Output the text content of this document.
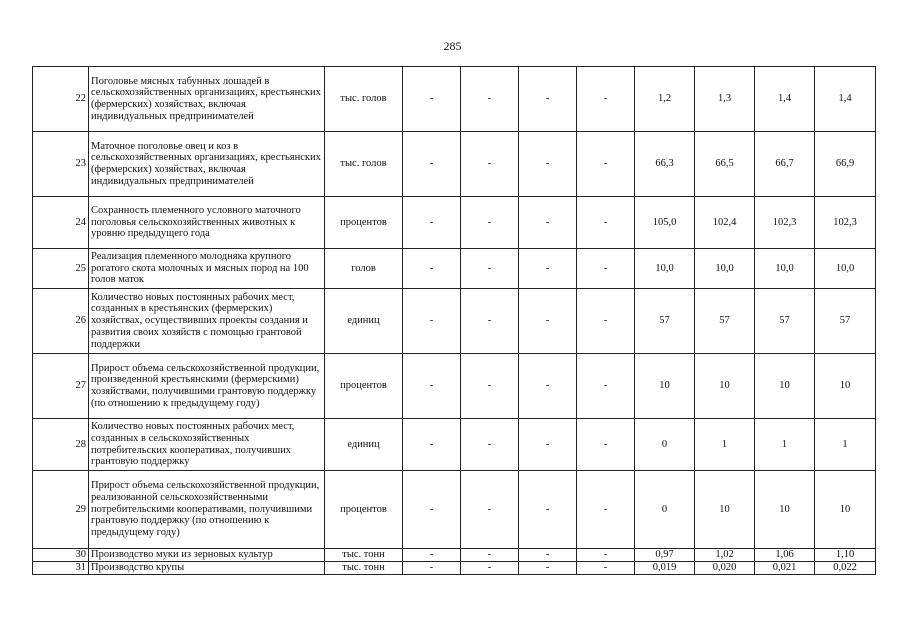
285
22	Поголовье мясных табунных лошадей в сельскохозяйственных организациях, крестьянских (фермерских) хозяйствах, включая индивидуальных предпринимателей	тыс. голов	-	-	-	-	1,2	1,3	1,4	1,4
23	Маточное поголовье овец и коз в сельскохозяйственных организациях, крестьянских (фермерских) хозяйствах, включая индивидуальных предпринимателей	тыс. голов	-	-	-	-	66,3	66,5	66,7	66,9
24	Сохранность племенного условного маточного поголовья сельскохозяйственных животных к уровню предыдущего года	процентов	-	-	-	-	105,0	102,4	102,3	102,3
25	Реализация племенного молодняка крупного рогатого скота молочных и мясных пород на 100 голов маток	голов	-	-	-	-	10,0	10,0	10,0	10,0
26	Количество новых постоянных рабочих мест, созданных в крестьянских (фермерских) хозяйствах, осуществивших проекты создания и развития своих хозяйств с помощью грантовой поддержки	единиц	-	-	-	-	57	57	57	57
27	Прирост объема сельскохозяйственной продукции, произведенной крестьянскими (фермерскими) хозяйствами, получившими грантовую поддержку (по отношению к предыдущему году)	процентов	-	-	-	-	10	10	10	10
28	Количество новых постоянных рабочих мест, созданных в сельскохозяйственных потребительских кооперативах, получивших грантовую поддержку	единиц	-	-	-	-	0	1	1	1
29	Прирост объема сельскохозяйственной продукции, реализованной сельскохозяйственными потребительскими кооперативами, получившими грантовую поддержку (по отношению к предыдущему году)	процентов	-	-	-	-	0	10	10	10
30	Производство муки из зерновых культур	тыс. тонн	-	-	-	-	0,97	1,02	1,06	1,10
31	Производство крупы	тыс. тонн	-	-	-	-	0,019	0,020	0,021	0,022
